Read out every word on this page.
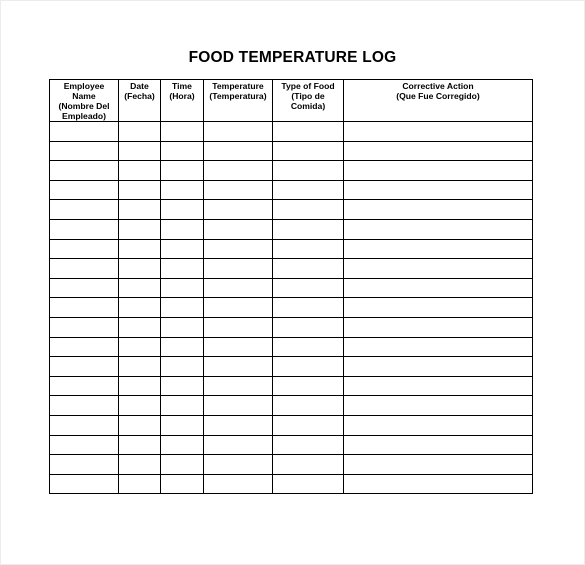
FOOD TEMPERATURE LOG
Employee
Name
(Nombre Del
Empleado)	Date
(Fecha)	Time
(Hora)	Temperature
(Temperatura)	Type of Food
(Tipo de
Comida)	Corrective Action
(Que Fue Corregido)
